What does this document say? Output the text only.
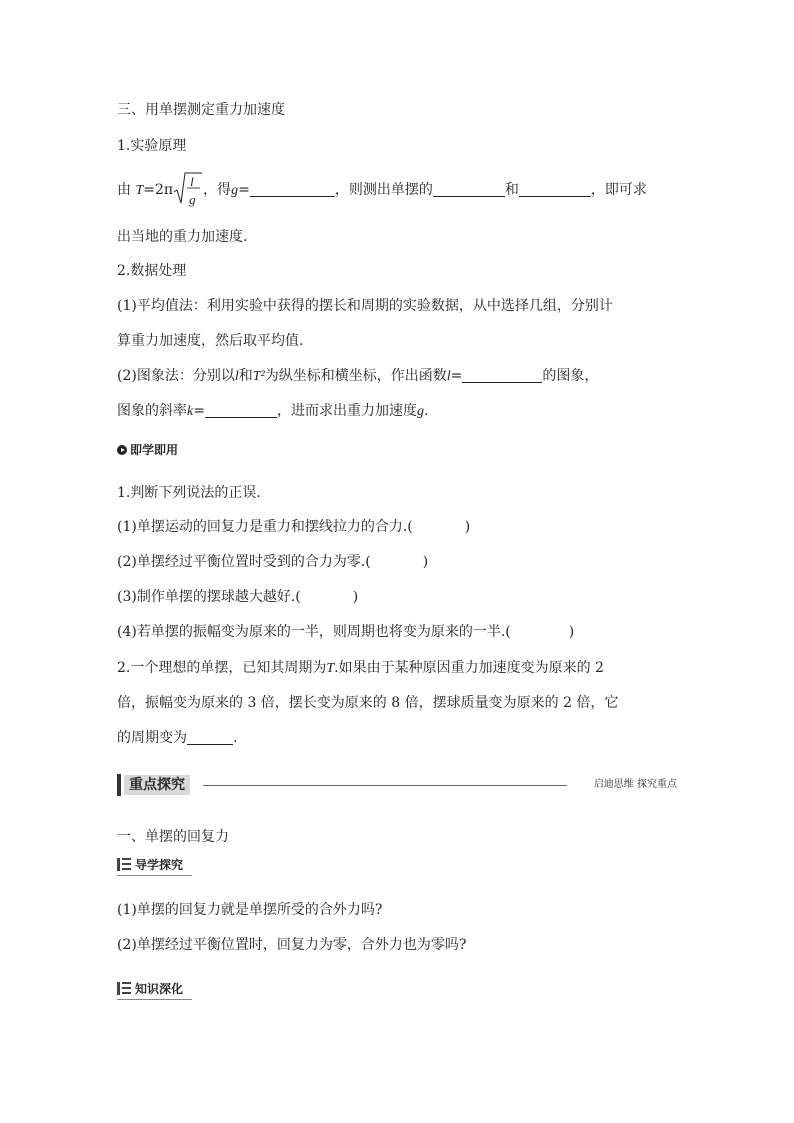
三、用单摆测定重力加速度
1.实验原理
由 T=2π
l
g
，得g=	，则测出单摆的	和	，即可求
出当地的重力加速度.
2.数据处理
(1)平均值法：利用实验中获得的摆长和周期的实验数据，从中选择几组，分别计
算重力加速度，然后取平均值.
(2)图象法：分别以l和T²为纵坐标和横坐标，作出函数l=	的图象，
图象的斜率k=	，进而求出重力加速度g.
即学即用
1.判断下列说法的正误.
(1)单摆运动的回复力是重力和摆线拉力的合力.(	)
(2)单摆经过平衡位置时受到的合力为零.(	)
(3)制作单摆的摆球越大越好.(	)
(4)若单摆的振幅变为原来的一半，则周期也将变为原来的一半.(	)
2.一个理想的单摆，已知其周期为T.如果由于某种原因重力加速度变为原来的 2
倍，振幅变为原来的 3 倍，摆长变为原来的 8 倍，摆球质量变为原来的 2 倍，它
的周期变为	.
重点探究	启迪思维 探究重点
一、单摆的回复力
导学探究
(1)单摆的回复力就是单摆所受的合外力吗?
(2)单摆经过平衡位置时，回复力为零，合外力也为零吗?
知识深化
